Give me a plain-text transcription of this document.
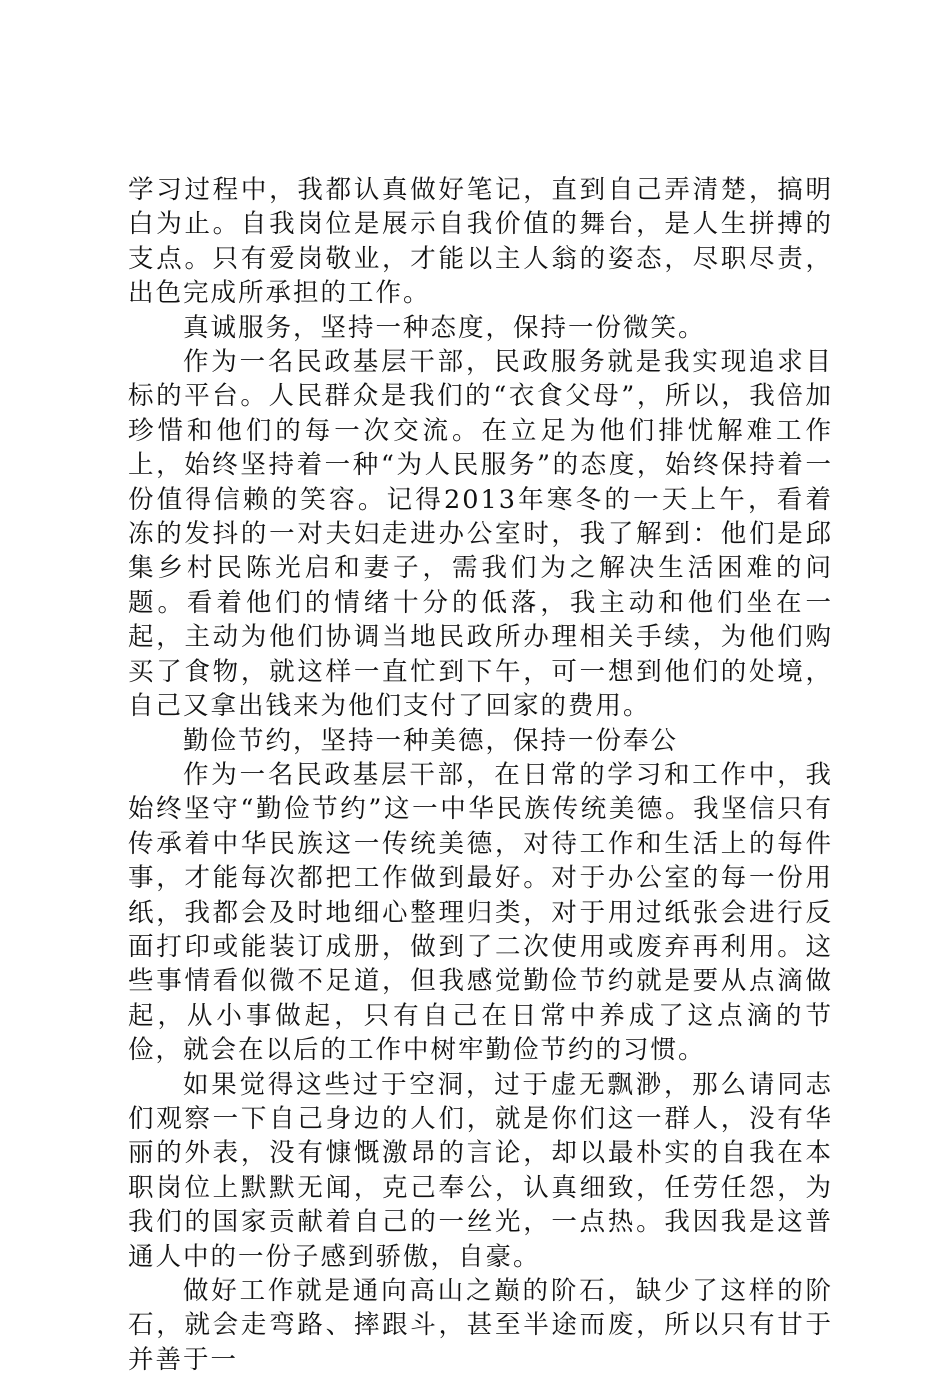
学习过程中，我都认真做好笔记，直到自己弄清楚，搞明白为止。自我岗位是展示自我价值的舞台，是人生拼搏的支点。只有爱岗敬业，才能以主人翁的姿态，尽职尽责，出色完成所承担的工作。

真诚服务，坚持一种态度，保持一份微笑。

作为一名民政基层干部，民政服务就是我实现追求目标的平台。人民群众是我们的“衣食父母”，所以，我倍加珍惜和他们的每一次交流。在立足为他们排忧解难工作上，始终坚持着一种“为人民服务”的态度，始终保持着一份值得信赖的笑容。记得2013年寒冬的一天上午，看着冻的发抖的一对夫妇走进办公室时，我了解到：他们是邱集乡村民陈光启和妻子，需我们为之解决生活困难的问题。看着他们的情绪十分的低落，我主动和他们坐在一起，主动为他们协调当地民政所办理相关手续，为他们购买了食物，就这样一直忙到下午，可一想到他们的处境，自己又拿出钱来为他们支付了回家的费用。

勤俭节约，坚持一种美德，保持一份奉公

作为一名民政基层干部，在日常的学习和工作中，我始终坚守“勤俭节约”这一中华民族传统美德。我坚信只有传承着中华民族这一传统美德，对待工作和生活上的每件事，才能每次都把工作做到最好。对于办公室的每一份用纸，我都会及时地细心整理归类，对于用过纸张会进行反面打印或能装订成册，做到了二次使用或废弃再利用。这些事情看似微不足道，但我感觉勤俭节约就是要从点滴做起，从小事做起，只有自己在日常中养成了这点滴的节俭，就会在以后的工作中树牢勤俭节约的习惯。

如果觉得这些过于空洞，过于虚无飘渺，那么请同志们观察一下自己身边的人们，就是你们这一群人，没有华丽的外表，没有慷慨激昂的言论，却以最朴实的自我在本职岗位上默默无闻，克己奉公，认真细致，任劳任怨，为我们的国家贡献着自己的一丝光，一点热。我因我是这普通人中的一份子感到骄傲，自豪。

做好工作就是通向高山之巅的阶石，缺少了这样的阶石，就会走弯路、摔跟斗，甚至半途而废，所以只有甘于并善于一
